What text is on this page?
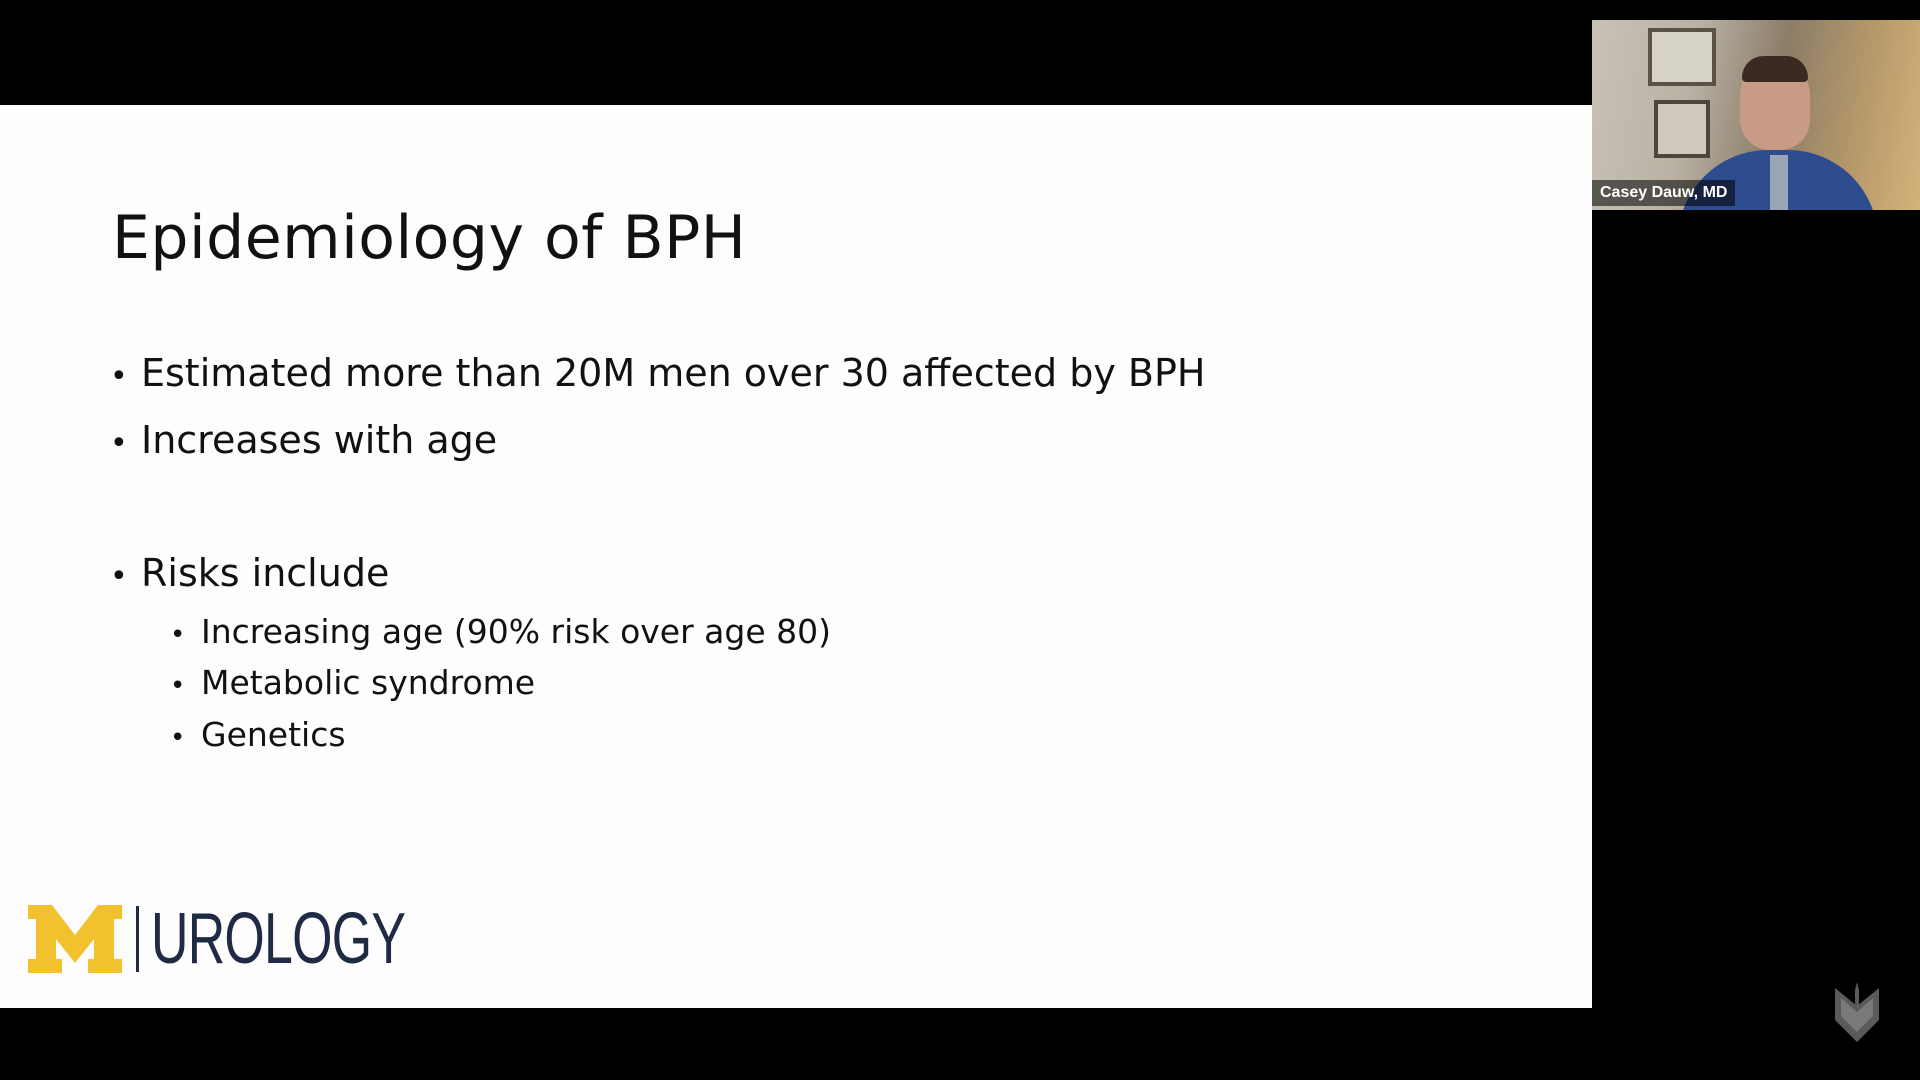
Epidemiology of BPH
• Estimated more than 20M men over 30 affected by BPH
• Increases with age
• Risks include
• Increasing age (90% risk over age 80)
• Metabolic syndrome
• Genetics
UROLOGY
Casey Dauw, MD
